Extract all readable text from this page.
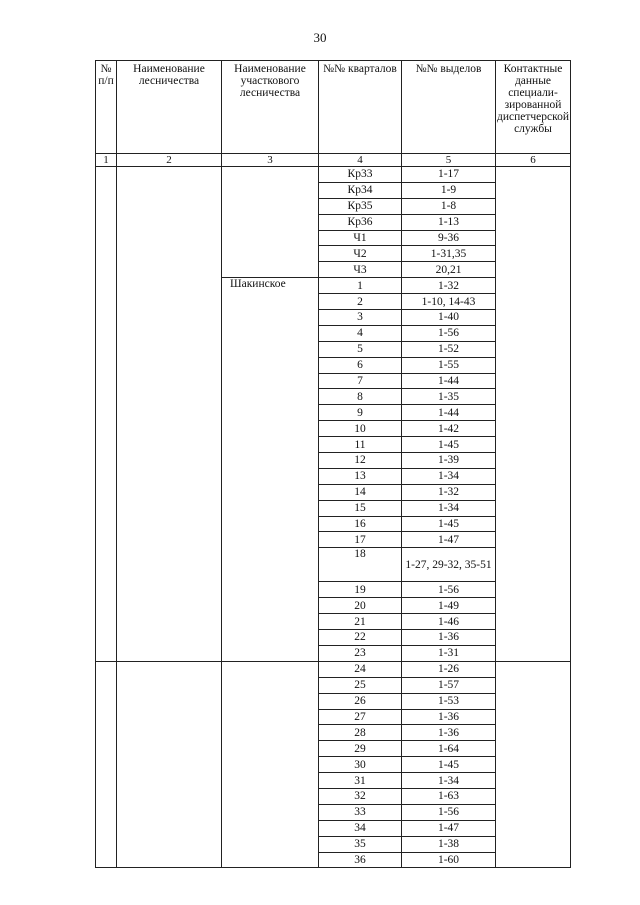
30
№ п/п	Наименование лесничества	Наименование участкового лесничества	№№ кварталов	№№ выделов	Контактные данные специали-зированной диспетчерской службы
1	2	3	4	5	6
			Кр33	1-17	
			Кр34	1-9	
			Кр35	1-8	
			Кр36	1-13	
			Ч1	9-36	
			Ч2	1-31,35	
			Ч3	20,21	
		Шакинское	1	1-32	
			2	1-10, 14-43	
			3	1-40	
			4	1-56	
			5	1-52	
			6	1-55	
			7	1-44	
			8	1-35	
			9	1-44	
			10	1-42	
			11	1-45	
			12	1-39	
			13	1-34	
			14	1-32	
			15	1-34	
			16	1-45	
			17	1-47	
			18	1-27, 29-32, 35-51	
			19	1-56	
			20	1-49	
			21	1-46	
			22	1-36	
			23	1-31	
			24	1-26	
			25	1-57	
			26	1-53	
			27	1-36	
			28	1-36	
			29	1-64	
			30	1-45	
			31	1-34	
			32	1-63	
			33	1-56	
			34	1-47	
			35	1-38	
			36	1-60	
